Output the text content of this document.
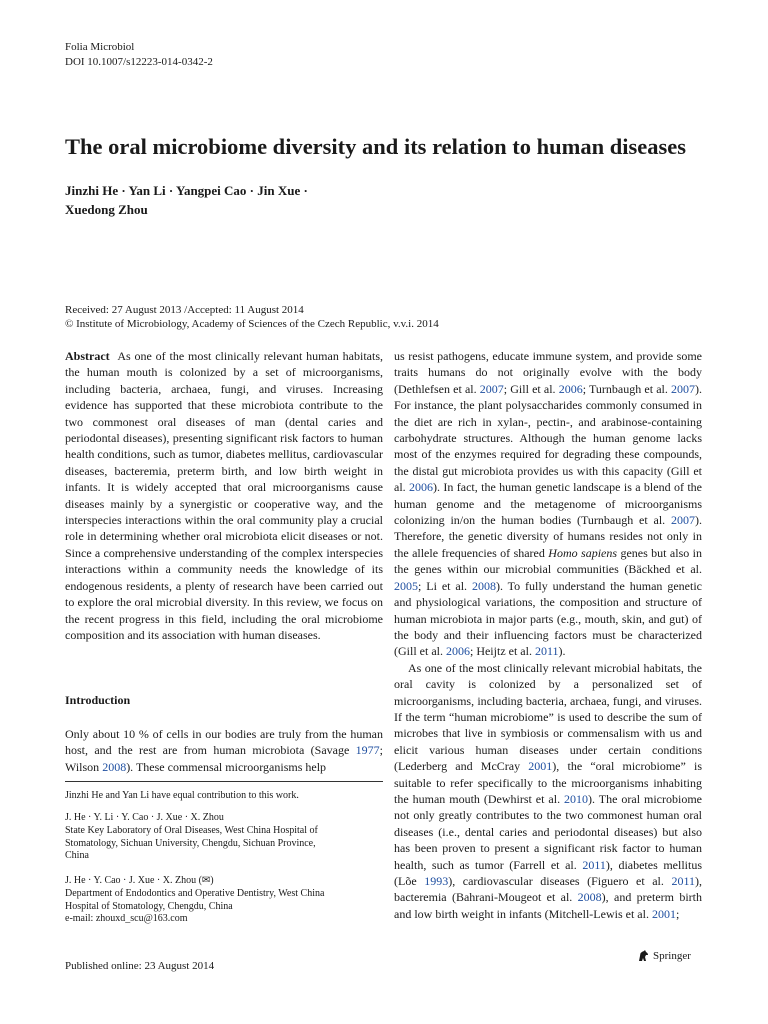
Folia Microbiol
DOI 10.1007/s12223-014-0342-2
The oral microbiome diversity and its relation to human diseases
Jinzhi He · Yan Li · Yangpei Cao · Jin Xue ·
Xuedong Zhou
Received: 27 August 2013 /Accepted: 11 August 2014
© Institute of Microbiology, Academy of Sciences of the Czech Republic, v.v.i. 2014

Abstract As one of the most clinically relevant human habitats, the human mouth is colonized by a set of microorganisms, including bacteria, archaea, fungi, and viruses. Increasing evidence has supported that these microbiota contribute to the two commonest oral diseases of man (dental caries and periodontal diseases), presenting significant risk factors to human health conditions, such as tumor, diabetes mellitus, cardiovascular diseases, bacteremia, preterm birth, and low birth weight in infants. It is widely accepted that oral microorganisms cause diseases mainly by a synergistic or cooperative way, and the interspecies interactions within the oral community play a crucial role in determining whether oral microbiota elicit diseases or not. Since a comprehensive understanding of the complex interspecies interactions within a community needs the knowledge of its endogenous residents, a plenty of research have been carried out to explore the oral microbial diversity. In this review, we focus on the recent progress in this field, including the oral microbiome composition and its association with human diseases.

Introduction

Only about 10 % of cells in our bodies are truly from the human host, and the rest are from human microbiota (Savage 1977; Wilson 2008). These commensal microorganisms help

Jinzhi He and Yan Li have equal contribution to this work.
J. He · Y. Li · Y. Cao · J. Xue · X. Zhou
State Key Laboratory of Oral Diseases, West China Hospital of
Stomatology, Sichuan University, Chengdu, Sichuan Province,
China
J. He · Y. Cao · J. Xue · X. Zhou (✉)
Department of Endodontics and Operative Dentistry, West China
Hospital of Stomatology, Chengdu, China
e-mail: zhouxd_scu@163.com

us resist pathogens, educate immune system, and provide some traits humans do not originally evolve with the body (Dethlefsen et al. 2007; Gill et al. 2006; Turnbaugh et al. 2007). For instance, the plant polysaccharides commonly consumed in the diet are rich in xylan-, pectin-, and arabinose-containing carbohydrate structures. Although the human genome lacks most of the enzymes required for degrading these compounds, the distal gut microbiota provides us with this capacity (Gill et al. 2006). In fact, the human genetic landscape is a blend of the human genome and the metagenome of microorganisms colonizing in/on the human bodies (Turnbaugh et al. 2007). Therefore, the genetic diversity of humans resides not only in the allele frequencies of shared Homo sapiens genes but also in the genes within our microbial communities (Bäckhed et al. 2005; Li et al. 2008). To fully understand the human genetic and physiological variations, the composition and structure of human microbiota in major parts (e.g., mouth, skin, and gut) of the body and their influencing factors must be characterized (Gill et al. 2006; Heijtz et al. 2011).

As one of the most clinically relevant microbial habitats, the oral cavity is colonized by a personalized set of microorganisms, including bacteria, archaea, fungi, and viruses. If the term “human microbiome” is used to describe the sum of microbes that live in symbiosis or commensalism with us and elicit various human diseases under certain conditions (Lederberg and McCray 2001), the “oral microbiome” is suitable to refer specifically to the microorganisms inhabiting the human mouth (Dewhirst et al. 2010). The oral microbiome not only greatly contributes to the two commonest human oral diseases (i.e., dental caries and periodontal diseases) but also has been proven to present a significant risk factor to human health, such as tumor (Farrell et al. 2011), diabetes mellitus (Lõe 1993), cardiovascular diseases (Figuero et al. 2011), bacteremia (Bahrani-Mougeot et al. 2008), and preterm birth and low birth weight in infants (Mitchell-Lewis et al. 2001;

Published online: 23 August 2014
Springer
